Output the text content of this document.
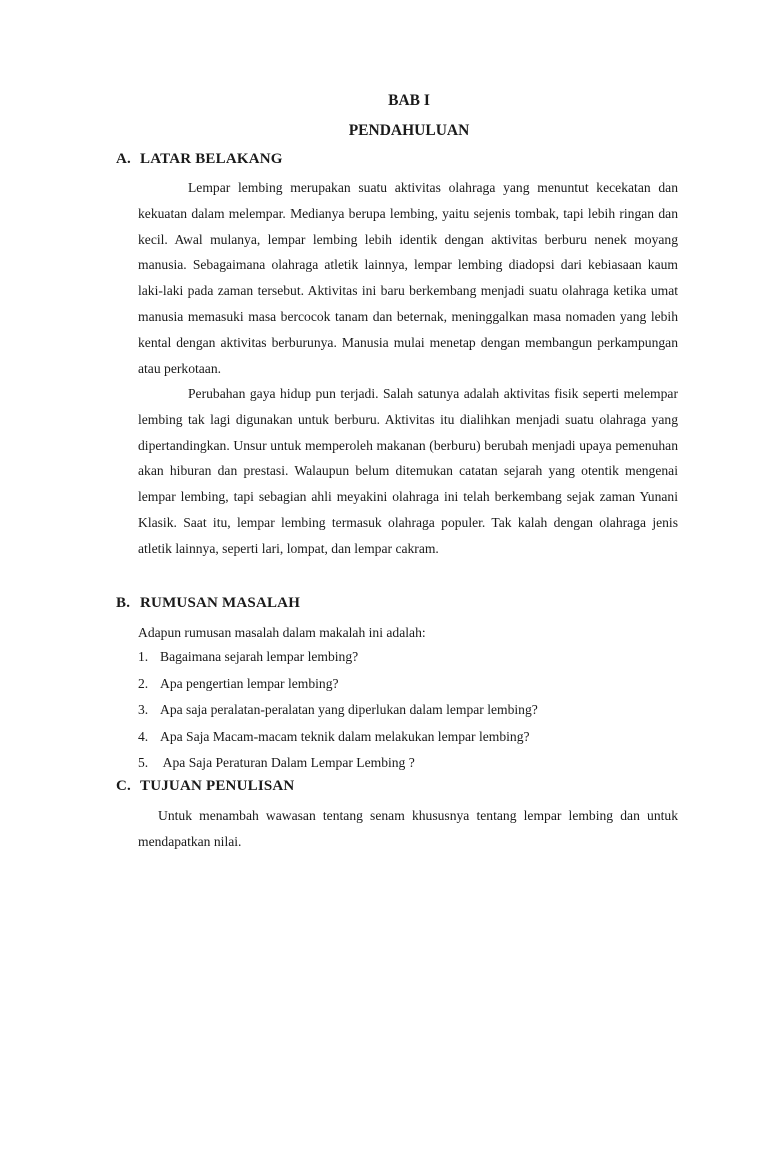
BAB I
PENDAHULUAN
A. LATAR BELAKANG

Lempar lembing merupakan suatu aktivitas olahraga yang menuntut kecekatan dan kekuatan dalam melempar. Medianya berupa lembing, yaitu sejenis tombak, tapi lebih ringan dan kecil. Awal mulanya, lempar lembing lebih identik dengan aktivitas berburu nenek moyang manusia. Sebagaimana olahraga atletik lainnya, lempar lembing diadopsi dari kebiasaan kaum laki-laki pada zaman tersebut. Aktivitas ini baru berkembang menjadi suatu olahraga ketika umat manusia memasuki masa bercocok tanam dan beternak, meninggalkan masa nomaden yang lebih kental dengan aktivitas berburunya. Manusia mulai menetap dengan membangun perkampungan atau perkotaan.

Perubahan gaya hidup pun terjadi. Salah satunya adalah aktivitas fisik seperti melempar lembing tak lagi digunakan untuk berburu. Aktivitas itu dialihkan menjadi suatu olahraga yang dipertandingkan. Unsur untuk memperoleh makanan (berburu) berubah menjadi upaya pemenuhan akan hiburan dan prestasi. Walaupun belum ditemukan catatan sejarah yang otentik mengenai lempar lembing, tapi sebagian ahli meyakini olahraga ini telah berkembang sejak zaman Yunani Klasik. Saat itu, lempar lembing termasuk olahraga populer. Tak kalah dengan olahraga jenis atletik lainnya, seperti lari, lompat, dan lempar cakram.

B. RUMUSAN MASALAH

Adapun rumusan masalah dalam makalah ini adalah:

1. Bagaimana sejarah lempar lembing?
2. Apa pengertian lempar lembing?
3. Apa saja peralatan-peralatan yang diperlukan dalam lempar lembing?
4. Apa Saja Macam-macam teknik dalam melakukan lempar lembing?
5. Apa Saja Peraturan Dalam Lempar Lembing ?
C. TUJUAN PENULISAN

Untuk menambah wawasan tentang senam khususnya tentang lempar lembing dan untuk mendapatkan nilai.
